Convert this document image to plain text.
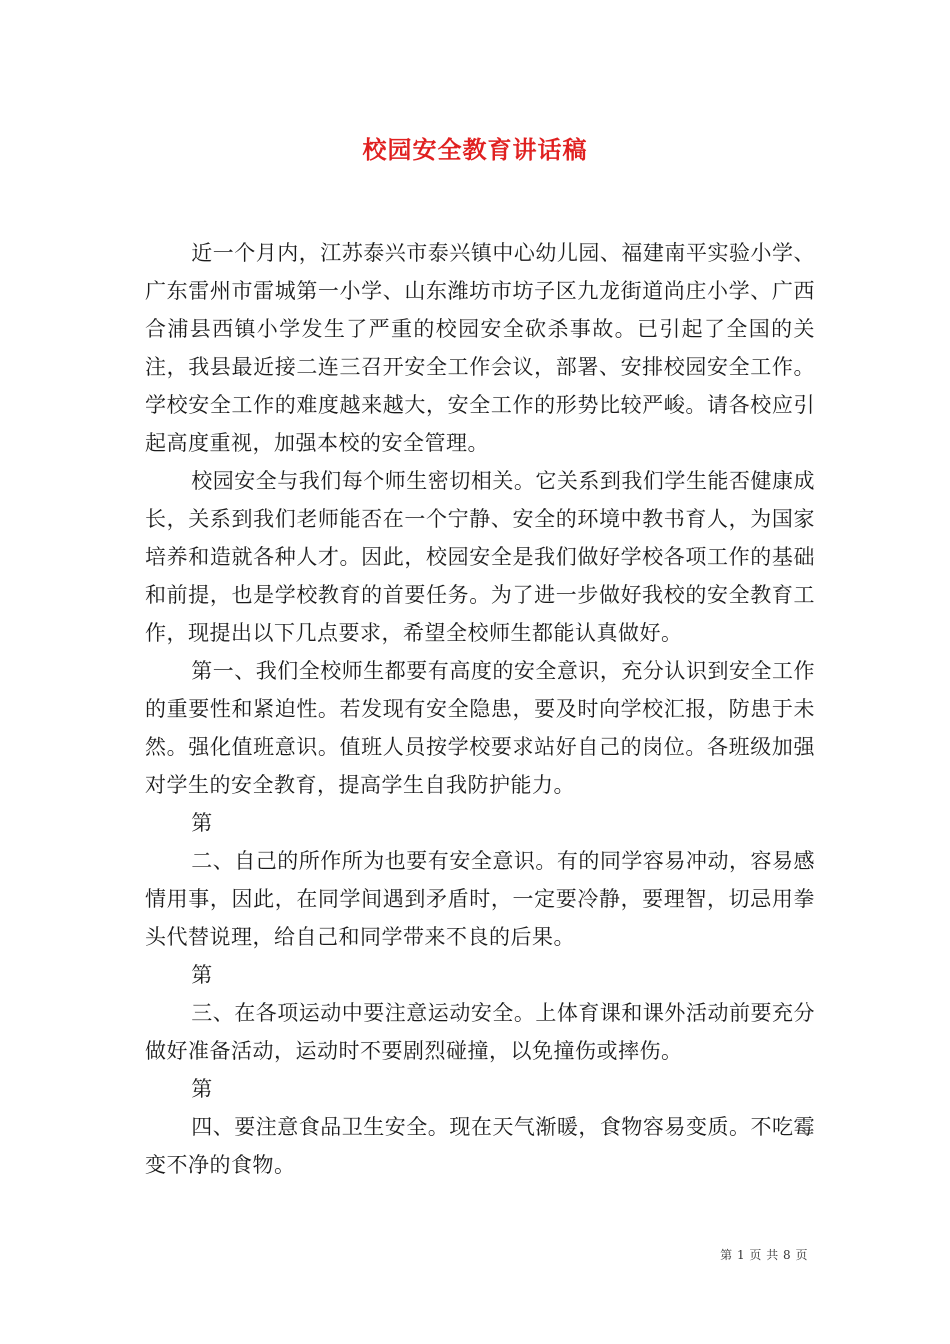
校园安全教育讲话稿

近一个月内，江苏泰兴市泰兴镇中心幼儿园、福建南平实验小学、广东雷州市雷城第一小学、山东潍坊市坊子区九龙街道尚庄小学、广西合浦县西镇小学发生了严重的校园安全砍杀事故。已引起了全国的关注，我县最近接二连三召开安全工作会议，部署、安排校园安全工作。学校安全工作的难度越来越大，安全工作的形势比较严峻。请各校应引起高度重视，加强本校的安全管理。

校园安全与我们每个师生密切相关。它关系到我们学生能否健康成长，关系到我们老师能否在一个宁静、安全的环境中教书育人，为国家培养和造就各种人才。因此，校园安全是我们做好学校各项工作的基础和前提，也是学校教育的首要任务。为了进一步做好我校的安全教育工作，现提出以下几点要求，希望全校师生都能认真做好。

第一、我们全校师生都要有高度的安全意识，充分认识到安全工作的重要性和紧迫性。若发现有安全隐患，要及时向学校汇报，防患于未然。强化值班意识。值班人员按学校要求站好自己的岗位。各班级加强对学生的安全教育，提高学生自我防护能力。

第

二、自己的所作所为也要有安全意识。有的同学容易冲动，容易感情用事，因此，在同学间遇到矛盾时，一定要冷静，要理智，切忌用拳头代替说理，给自己和同学带来不良的后果。

第

三、在各项运动中要注意运动安全。上体育课和课外活动前要充分做好准备活动，运动时不要剧烈碰撞，以免撞伤或摔伤。

第

四、要注意食品卫生安全。现在天气渐暖，食物容易变质。不吃霉变不净的食物。

第 1 页 共 8 页
